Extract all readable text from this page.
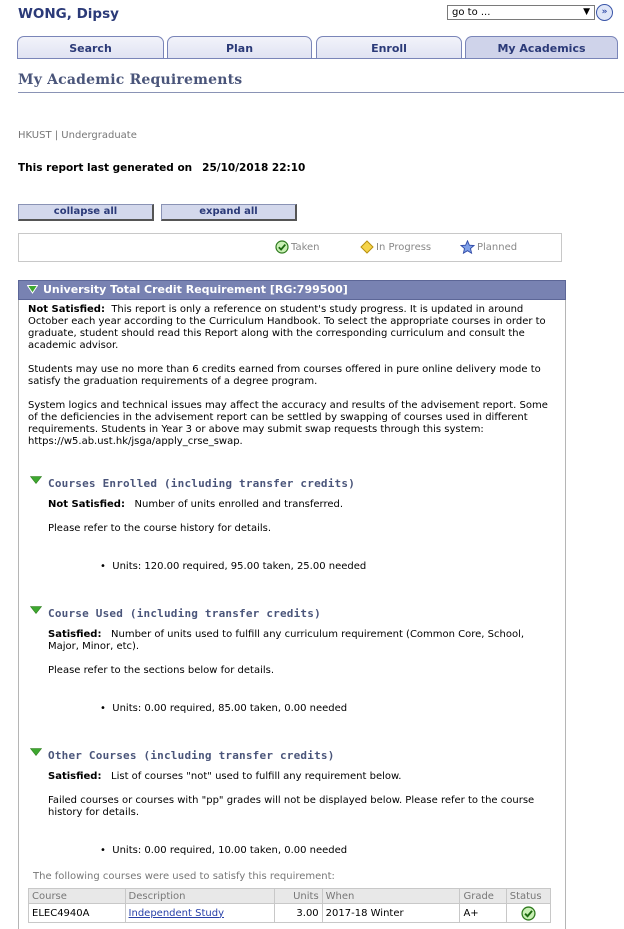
WONG, Dipsy	go to ...	▼	»
Search	Plan	Enroll	My Academics
My Academic Requirements
HKUST | Undergraduate
This report last generated on 25/10/2018 22:10
collapse all	expand all
Taken	In Progress	Planned
University Total Credit Requirement [RG:799500]
Not Satisfied: This report is only a reference on student's study progress. It is updated in around October each year according to the Curriculum Handbook. To select the appropriate courses in order to graduate, student should read this Report along with the corresponding curriculum and consult the academic advisor.
Students may use no more than 6 credits earned from courses offered in pure online delivery mode to satisfy the graduation requirements of a degree program.
System logics and technical issues may affect the accuracy and results of the advisement report. Some of the deficiencies in the advisement report can be settled by swapping of courses used in different requirements. Students in Year 3 or above may submit swap requests through this system: https://w5.ab.ust.hk/jsga/apply_crse_swap.
Courses Enrolled (including transfer credits)
Not Satisfied: Number of units enrolled and transferred.
Please refer to the course history for details.
•  Units: 120.00 required, 95.00 taken, 25.00 needed
Course Used (including transfer credits)
Satisfied: Number of units used to fulfill any curriculum requirement (Common Core, School, Major, Minor, etc).
Please refer to the sections below for details.
•  Units: 0.00 required, 85.00 taken, 0.00 needed
Other Courses (including transfer credits)
Satisfied: List of courses "not" used to fulfill any requirement below.
Failed courses or courses with "pp" grades will not be displayed below. Please refer to the course history for details.
•  Units: 0.00 required, 10.00 taken, 0.00 needed
The following courses were used to satisfy this requirement:
Course	Description	Units	When	Grade	Status
ELEC4940A	Independent Study	3.00	2017-18 Winter	A+	
